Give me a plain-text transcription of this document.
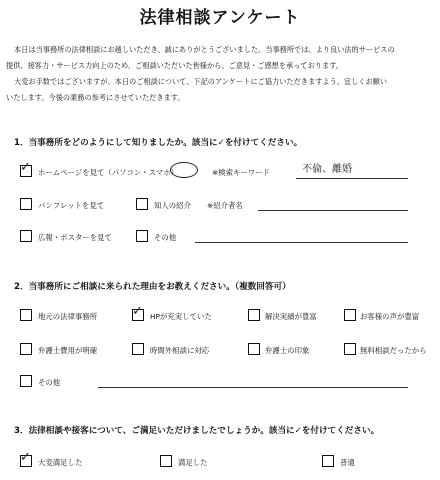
法律相談アンケート
本日は当事務所の法律相談にお越しいただき、誠にありがとうございました。当事務所では、より良い法的サービスの
提供、接客力・サービス力向上のため、ご相談いただいた皆様から、ご意見・ご感想を承っております。
大変お手数ではございますが、本日のご相談について、下記のアンケートにご協力いただきますよう、宜しくお願い
いたします。今後の業務の参考にさせていただきます。
1．当事務所をどのようにして知りましたか。該当に✓を付けてください。
✓ ホームページを見て（パソコン・スマホ）	※検索キーワード	不倫、離婚
パンフレットを見て	知人の紹介 ※紹介者名
広報・ポスターを見て	その他
2．当事務所にご相談に来られた理由をお教えください。（複数回答可）
地元の法律事務所	✓ HPが充実していた	解決実績が豊富	お客様の声が豊富
弁護士費用が明確	時間外相談に対応	弁護士の印象	無料相談だったから
その他
3．法律相談や接客について、ご満足いただけましたでしょうか。該当に✓を付けてください。
✓ 大変満足した	満足した	普通
